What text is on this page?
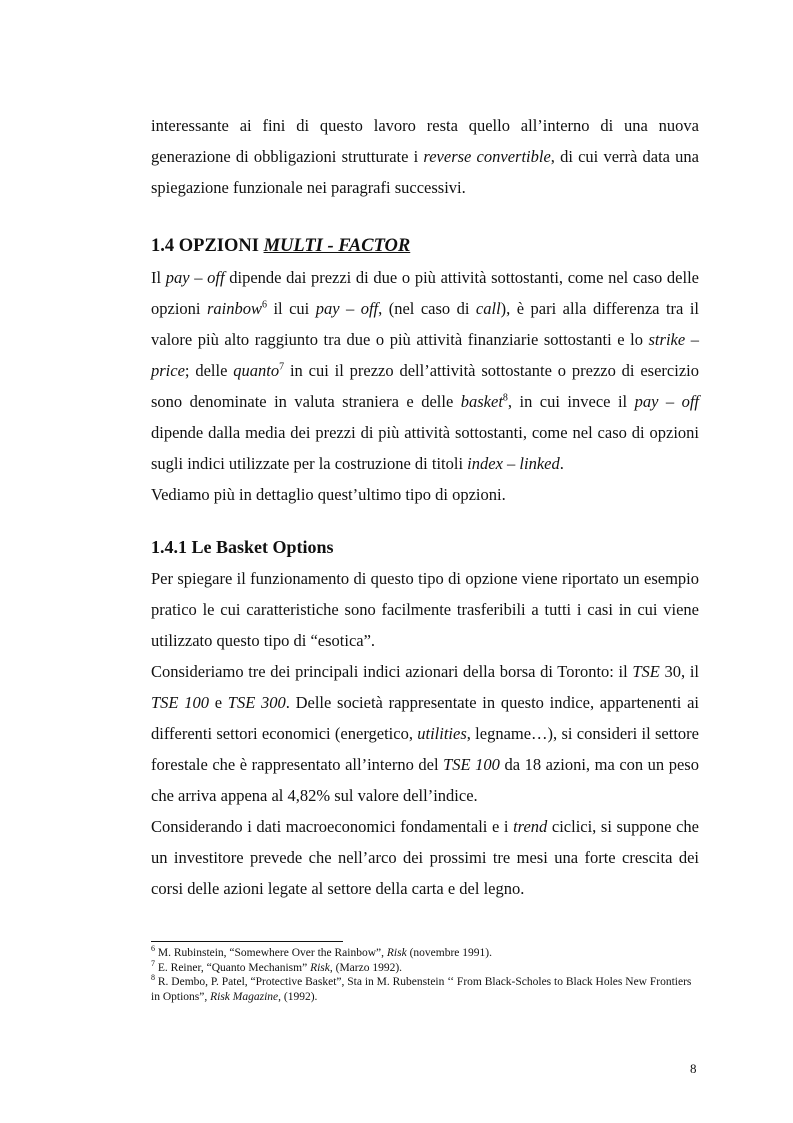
interessante ai fini di questo lavoro resta quello all’interno di una nuova generazione di obbligazioni strutturate i reverse convertible, di cui verrà data una spiegazione funzionale nei paragrafi successivi.

1.4 OPZIONI MULTI - FACTOR

Il pay – off dipende dai prezzi di due o più attività sottostanti, come nel caso delle opzioni rainbow$^6$ il cui pay – off, (nel caso di call), è pari alla differenza tra il valore più alto raggiunto tra due o più attività finanziarie sottostanti e lo strike – price; delle quanto$^7$ in cui il prezzo dell’attività sottostante o prezzo di esercizio sono denominate in valuta straniera e delle basket$^8$, in cui invece il pay – off dipende dalla media dei prezzi di più attività sottostanti, come nel caso di opzioni sugli indici utilizzate per la costruzione di titoli index – linked.
Vediamo più in dettaglio quest’ultimo tipo di opzioni.

1.4.1 Le Basket Options

Per spiegare il funzionamento di questo tipo di opzione viene riportato un esempio pratico le cui caratteristiche sono facilmente trasferibili a tutti i casi in cui viene utilizzato questo tipo di “esotica”.

Consideriamo tre dei principali indici azionari della borsa di Toronto: il TSE 30, il TSE 100 e TSE 300. Delle società rappresentate in questo indice, appartenenti ai differenti settori economici (energetico, utilities, legname…), si consideri il settore forestale che è rappresentato all’interno del TSE 100 da 18 azioni, ma con un peso che arriva appena al 4,82% sul valore dell’indice.

Considerando i dati macroeconomici fondamentali e i trend ciclici, si suppone che un investitore prevede che nell’arco dei prossimi tre mesi una forte crescita dei corsi delle azioni legate al settore della carta e del legno.

$^6$ M. Rubinstein, “Somewhere Over the Rainbow”, Risk (novembre 1991).

$^7$ E. Reiner, “Quanto Mechanism” Risk, (Marzo 1992).

$^8$ R. Dembo, P. Patel, “Protective Basket”, Sta in M. Rubenstein ‘‘ From Black-Scholes to Black Holes New Frontiers in Options”, Risk Magazine, (1992).

8
